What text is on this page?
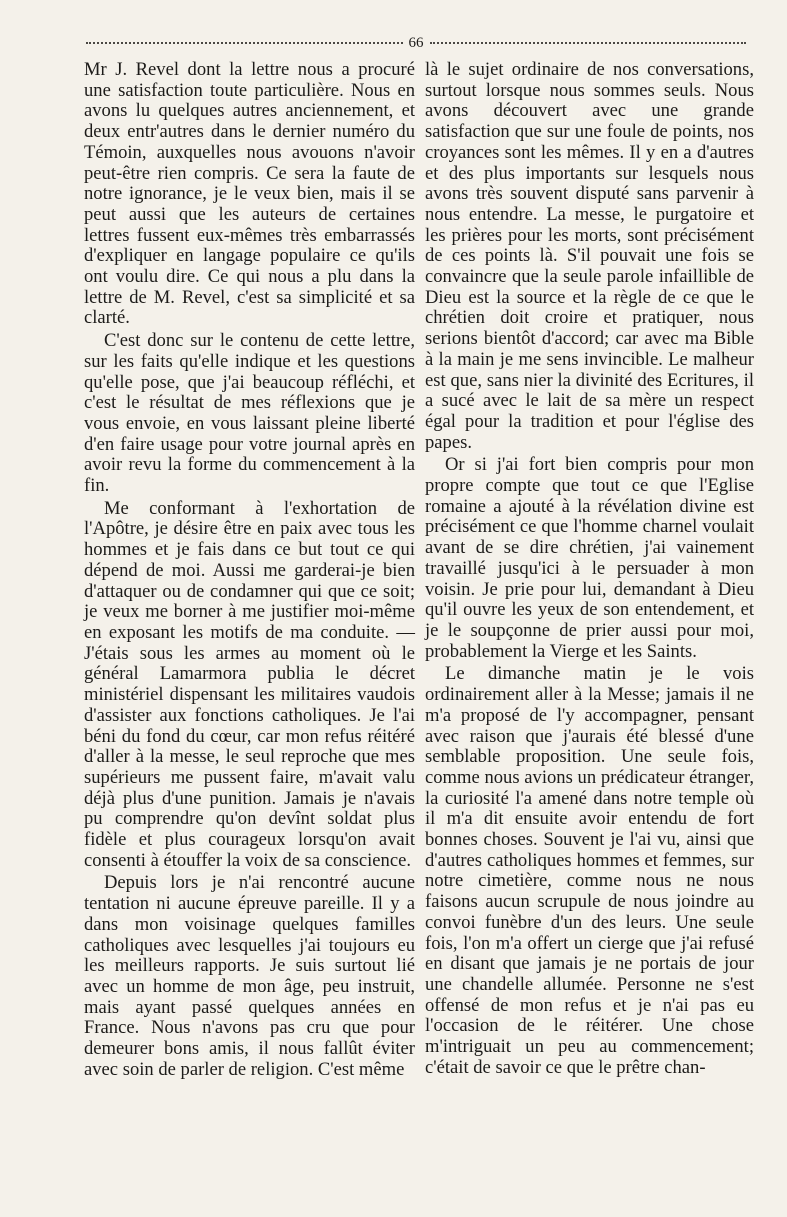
66

Mr J. Revel dont la lettre nous a procuré une satisfaction toute particulière. Nous en avons lu quelques autres anciennement, et deux entr'autres dans le dernier numéro du Témoin, auxquelles nous avouons n'avoir peut-être rien compris. Ce sera la faute de notre ignorance, je le veux bien, mais il se peut aussi que les auteurs de certaines lettres fussent eux-mêmes très embarrassés d'expliquer en langage populaire ce qu'ils ont voulu dire. Ce qui nous a plu dans la lettre de M. Revel, c'est sa simplicité et sa clarté.

C'est donc sur le contenu de cette lettre, sur les faits qu'elle indique et les questions qu'elle pose, que j'ai beaucoup réfléchi, et c'est le résultat de mes réflexions que je vous envoie, en vous laissant pleine liberté d'en faire usage pour votre journal après en avoir revu la forme du commencement à la fin.

Me conformant à l'exhortation de l'Apôtre, je désire être en paix avec tous les hommes et je fais dans ce but tout ce qui dépend de moi. Aussi me garderai-je bien d'attaquer ou de condamner qui que ce soit; je veux me borner à me justifier moi-même en exposant les motifs de ma conduite. — J'étais sous les armes au moment où le général Lamarmora publia le décret ministériel dispensant les militaires vaudois d'assister aux fonctions catholiques. Je l'ai béni du fond du cœur, car mon refus réitéré d'aller à la messe, le seul reproche que mes supérieurs me pussent faire, m'avait valu déjà plus d'une punition. Jamais je n'avais pu comprendre qu'on devînt soldat plus fidèle et plus courageux lorsqu'on avait consenti à étouffer la voix de sa conscience.

Depuis lors je n'ai rencontré aucune tentation ni aucune épreuve pareille. Il y a dans mon voisinage quelques familles catholiques avec lesquelles j'ai toujours eu les meilleurs rapports. Je suis surtout lié avec un homme de mon âge, peu instruit, mais ayant passé quelques années en France. Nous n'avons pas cru que pour demeurer bons amis, il nous fallût éviter avec soin de parler de religion. C'est même

là le sujet ordinaire de nos conversations, surtout lorsque nous sommes seuls. Nous avons découvert avec une grande satisfaction que sur une foule de points, nos croyances sont les mêmes. Il y en a d'autres et des plus importants sur lesquels nous avons très souvent disputé sans parvenir à nous entendre. La messe, le purgatoire et les prières pour les morts, sont précisément de ces points là. S'il pouvait une fois se convaincre que la seule parole infaillible de Dieu est la source et la règle de ce que le chrétien doit croire et pratiquer, nous serions bientôt d'accord; car avec ma Bible à la main je me sens invincible. Le malheur est que, sans nier la divinité des Ecritures, il a sucé avec le lait de sa mère un respect égal pour la tradition et pour l'église des papes.

Or si j'ai fort bien compris pour mon propre compte que tout ce que l'Eglise romaine a ajouté à la révélation divine est précisément ce que l'homme charnel voulait avant de se dire chrétien, j'ai vainement travaillé jusqu'ici à le persuader à mon voisin. Je prie pour lui, demandant à Dieu qu'il ouvre les yeux de son entendement, et je le soupçonne de prier aussi pour moi, probablement la Vierge et les Saints.

Le dimanche matin je le vois ordinairement aller à la Messe; jamais il ne m'a proposé de l'y accompagner, pensant avec raison que j'aurais été blessé d'une semblable proposition. Une seule fois, comme nous avions un prédicateur étranger, la curiosité l'a amené dans notre temple où il m'a dit ensuite avoir entendu de fort bonnes choses. Souvent je l'ai vu, ainsi que d'autres catholiques hommes et femmes, sur notre cimetière, comme nous ne nous faisons aucun scrupule de nous joindre au convoi funèbre d'un des leurs. Une seule fois, l'on m'a offert un cierge que j'ai refusé en disant que jamais je ne portais de jour une chandelle allumée. Personne ne s'est offensé de mon refus et je n'ai pas eu l'occasion de le réitérer. Une chose m'intriguait un peu au commencement; c'était de savoir ce que le prêtre chan-
